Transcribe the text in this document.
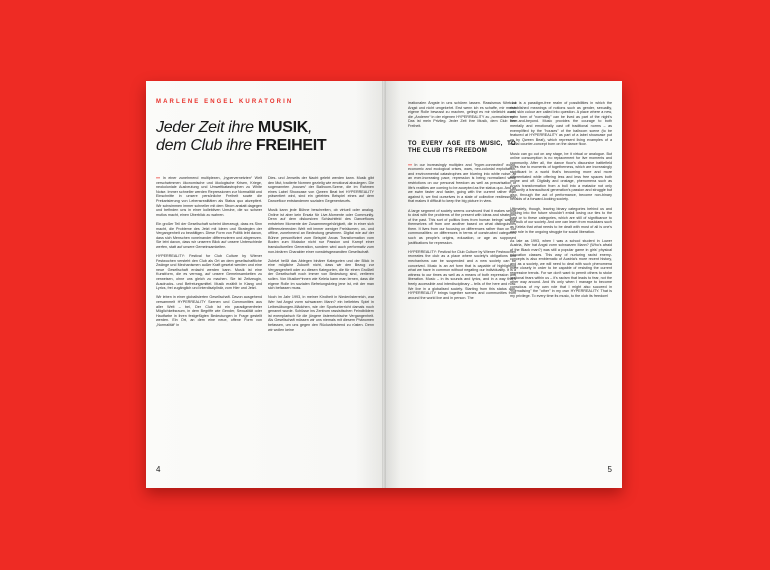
MARLENE ENGEL KURATORIN
Jeder Zeit ihre MUSIK,
dem Club ihre FREIHEIT

»« In einer zunehmend multiplexen, „hypervernetzten“ Welt verschwimmen ökonomische und ökologische Krisen, Kriege, neokoloniale Ausbeutung und Umweltkatastrophen zu White Noise. Immer schneller werden Repressionen zur Normalität und Einschnitte in unsere persönliche Freiheit sowie die Prekarisierung von Lebensrealitäten als Status quo akzeptiert. Wir schwimmen immer schneller mit dem Strom anstatt dagegen und befinden uns in einer kollektiven Unruhe, die so schwer mutlos macht, einen Überblick zu wahren.

Ein großer Teil der Gesellschaft scheint überzeugt, dass es Sinn macht, die Probleme des Jetzt mit Ideen und Strategien der Vergangenheit zu bewältigen. Diese Form von Politik lebt davon, dass sich Menschen voneinander differenzieren und abgrenzen. Sie lebt davon, dass wir unseren Blick auf unsere Unterschiede werfen, statt auf unsere Gemeinsamkeiten.

HYPERREALITY: Festival for Club Culture by Wiener Festwochen versteht den Club als Ort an dem gesellschaftliche Zwänge und Mechanismen außer Kraft gesetzt werden und eine neue Gesellschaft erdacht werden kann. Musik ist eine Kunstform, die es vermag, auf unsere Gemeinsamkeiten zu verweisen, ohne uns gleich zu machen. Sie ist Zeitzeugin, Ausdrucks- und Befreiungsmittel. Musik erzählt in Klang und Lyrics, frei zugänglich und interdisziplinär, vom Hier und Jetzt.

Wir leben in einer globalisierten Gesellschaft. Davon ausgehend versammelt HYPERREALITY Szenen und Communities aus aller Welt – bei, Der Club ist ein paradigmenfreier Möglichkeitsraum, in dem Begriffe wie Gender, Sexualität oder Hautfarbe in ihren festgefügten Bedeutungen in Frage gestellt werden. Ein Ort, an dem eine neue, offene Form von „Normalität“ in

Dies- und Jenseits der Nacht gelebt werden kann. Musik gibt den Mut, tradierte Normen gezielig wie emotional abzulegen. Die sogenannten „houses“ der Ballroom-Szene, die im Rahmen eines Label Showcase von Qween Beat bei HYPERREALITY präsentiert wird, sind ein gelebtes Beispiel eines auf dem Dancefloor entstandenen sozialen Gegenentwurfs.

Musik kann jede Bühne beschreiten, ob virtuell oder analog. Online ist aber kein Ersatz für Live-Momente oder Community. Denn auf dem diskursiven Schlachtfeld des Dancefloors entstehen Momente der Zusammengehörigkeit, die in einer sich differenzierenden Welt mit immer weniger Freiräumen, on- und offline, zunehmend an Bedeutung gewinnen. Digital wie auf der Bühne personifiziert zum Beispiel Arcas Transformation vom Boden zum Mutador nicht nur Passion und Kampf einer transkulturellen Generation, sondern wird auch performativ zum non-binären Charakter einer vorwärtsgewandten Gesellschaft.

Zuletzt heißt das Ablegen binärer Kategorien und der Blick in eine mögliche Zukunft nicht, dass wir den Bezug zur Vergangenheit oder zu diesen Kategorien, die für einen Großteil der Gesellschaft noch immer von Bedeutung sind, verlieren sollen. Von Musiker*innen wie Kelela kann man lernen, dass die eigene Rolle im sozialen Befreiungskrieg jene ist, mit der man sich befassen muss.

Noch im Jahr 1993, in meiner Kindheit in Niederösterreich, war Wer hat Angst vorm schwarzen Mann? ein beliebtes Spiel in Leibesübungen-Mädchen, wie der Sportunterricht damals noch genannt wurde. Schüsse ins Zentrum rassistischen Feindbildern ist exemplarisch für die jüngere österreichische Vergangenheit. Als Gesellschaft müssen wir uns niemals mit diesem Phänomen befassen, um uns gegen den Rückwärtstrend zu rüsten. Denn wir wollen keine

4

irrationalen Ängste in uns schüren lassen. Rassismus führt zu Angst und nicht umgekehrt. Erst wenn ich es schaffe, mir meine eigene Rolle bewusst zu machen, gelingt es mir vielleicht auch, die „Anderen“ in der eigenen HYPERREALITY zu „normalisieren“. Das ist mein Privileg. Jeder Zeit ihre Musik, dem Club ihre Freiheit.

TO EVERY AGE ITS MUSIC, TO THE CLUB ITS FREEDOM

»« In our increasingly multiplex and "hyper-connected" world, economic and ecological crises, wars, neo-colonial exploitation, and environmental catastrophes are blurring into white noise. At an ever-increasing pace, repression is being normalized while restrictions on our personal freedom as well as precarisation of life's realities are coming to be accepted as the status quo. And as we swim faster and faster, going with the current rather than against it, we find ourselves in a state of collective restlessness that makes it difficult to keep the big picture in view.

A large segment of society seems convinced that it makes sense to deal with the problems of the present with ideas and strategies of the past. This sort of politics lives from human beings' walling themselves off from one another based on what distinguishes them. It lives from our focusing on differences rather than on our commonalities: on differences in terms of constructed categories such as people's origins, education, or age as supposed justifications for repression.

HYPERREALITY: Festival for Club Culture by Wiener Festwochen recreates the club as a place where society's obligations and mechanisms can be suspended and a new society can be conceived. Music is an art form that is capable of highlighting what we have in common without negating our individuality. It is a witness to our times as well as a means of both expression and liberation. Music – in its sounds and lyrics, and in a way that's freely accessible and interdisciplinary – tells of the here and now. We live in a globalised society. Starting from this status quo, HYPERREALITY brings together scenes and communities from around the world live and in person. The

club is a paradigm-free realm of possibilities in which the established meanings of notions such as gender, sexuality, and skin colour are called into question. A place where a new, open form of "normality" can be lived as part of the night's here-and-beyond. Music provides the courage to both mentally and emotionally cast off traditional norms – as exemplified by the "houses" of the ballroom scene (to be featured at HYPERREALITY as part of a label showcase put on by Qween Beat), which represent living examples of a social counter-concept born on the dance floor.

Music can go out on any stage, be it virtual or analogue. But online consumption is no replacement for live moments and community. After all, the dance floor's discursive battlefield gives rise to moments of togetherness, which are increasingly significant in a world that's becoming more and more differentiated while offering less and less free spaces both online and off. Digitally and onstage, phenomena such as Arca's transformation from a bull into a matador not only personify a transcultural generation's passion and struggle but also, through the act of performance, become non-binary heralds of a forward-looking society.

Ultimately, though, leaving binary categories behind us and looking into the future shouldn't entail losing our ties to the past or to these categories, which are still of significance to the bulk of our society. And one can learn from musicians such as Kelela that what needs to be dealt with most of all is one's own role in the ongoing struggle for social liberation.

As late as 1993, when I was a school student in Lower Austria, Wer hat Angst vorm schwarzen Mann? (Who's afraid of the Black man?) was still a popular game in girls' physical education classes. This way of nurturing racist enemy-concepts is also emblematic of Austria's more recent history, and as a society, we will need to deal with such phenomena more closely in order to be capable of resisting the current regressive trends. For we don't want to permit others to stoke irrational fears within us – it's racism that leads to fear, not the other way around. And it's only when I manage to become conscious of my own role that I might also succeed in "normalising" the "other" in my own HYPERREALITY. That is my privilege. To every time its music, to the club its freedom!

5
